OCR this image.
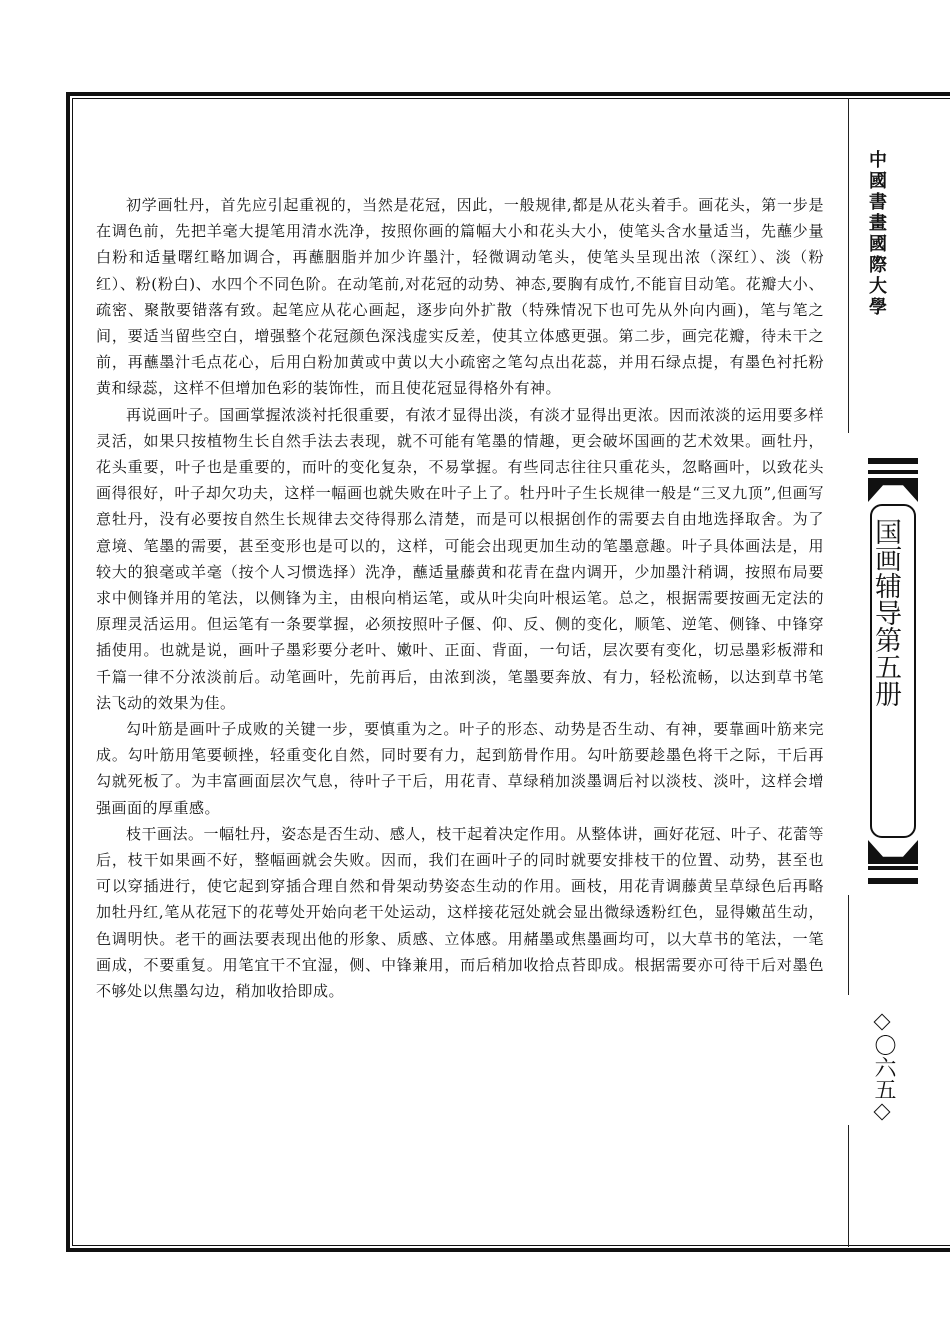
初学画牡丹，首先应引起重视的，当然是花冠，因此，一般规律,都是从花头着手。画花头，第一步是在调色前，先把羊毫大提笔用清水洗净，按照你画的篇幅大小和花头大小，使笔头含水量适当，先蘸少量白粉和适量曙红略加调合，再蘸胭脂并加少许墨汁，轻微调动笔头，使笔头呈现出浓（深红）、淡（粉红）、粉(粉白)、水四个不同色阶。在动笔前,对花冠的动势、神态,要胸有成竹,不能盲目动笔。花瓣大小、疏密、聚散要错落有致。起笔应从花心画起，逐步向外扩散（特殊情况下也可先从外向内画)，笔与笔之间，要适当留些空白，增强整个花冠颜色深浅虚实反差，使其立体感更强。第二步，画完花瓣，待未干之前，再蘸墨汁毛点花心，后用白粉加黄或中黄以大小疏密之笔勾点出花蕊，并用石绿点提，有墨色衬托粉黄和绿蕊，这样不但增加色彩的装饰性，而且使花冠显得格外有神。

再说画叶子。国画掌握浓淡衬托很重要，有浓才显得出淡，有淡才显得出更浓。因而浓淡的运用要多样灵活，如果只按植物生长自然手法去表现，就不可能有笔墨的情趣，更会破坏国画的艺术效果。画牡丹，花头重要，叶子也是重要的，而叶的变化复杂，不易掌握。有些同志往往只重花头，忽略画叶，以致花头画得很好，叶子却欠功夫，这样一幅画也就失败在叶子上了。牡丹叶子生长规律一般是“三叉九顶”,但画写意牡丹，没有必要按自然生长规律去交待得那么清楚，而是可以根据创作的需要去自由地选择取舍。为了意境、笔墨的需要，甚至变形也是可以的，这样，可能会出现更加生动的笔墨意趣。叶子具体画法是，用较大的狼毫或羊毫（按个人习惯选择）洗净，蘸适量藤黄和花青在盘内调开，少加墨汁稍调，按照布局要求中侧锋并用的笔法，以侧锋为主，由根向梢运笔，或从叶尖向叶根运笔。总之，根据需要按画无定法的原理灵活运用。但运笔有一条要掌握，必须按照叶子偃、仰、反、侧的变化，顺笔、逆笔、侧锋、中锋穿插使用。也就是说，画叶子墨彩要分老叶、嫩叶、正面、背面，一句话，层次要有变化，切忌墨彩板滞和千篇一律不分浓淡前后。动笔画叶，先前再后，由浓到淡，笔墨要奔放、有力，轻松流畅，以达到草书笔法飞动的效果为佳。

勾叶筋是画叶子成败的关键一步，要慎重为之。叶子的形态、动势是否生动、有神，要靠画叶筋来完成。勾叶筋用笔要顿挫，轻重变化自然，同时要有力，起到筋骨作用。勾叶筋要趁墨色将干之际，干后再勾就死板了。为丰富画面层次气息，待叶子干后，用花青、草绿稍加淡墨调后衬以淡枝、淡叶，这样会增强画面的厚重感。

枝干画法。一幅牡丹，姿态是否生动、感人，枝干起着决定作用。从整体讲，画好花冠、叶子、花蕾等后，枝干如果画不好，整幅画就会失败。因而，我们在画叶子的同时就要安排枝干的位置、动势，甚至也可以穿插进行，使它起到穿插合理自然和骨架动势姿态生动的作用。画枝，用花青调藤黄呈草绿色后再略加牡丹红,笔从花冠下的花萼处开始向老干处运动，这样接花冠处就会显出微绿透粉红色，显得嫩茁生动，色调明快。老干的画法要表现出他的形象、质感、立体感。用赭墨或焦墨画均可，以大草书的笔法，一笔画成，不要重复。用笔宜干不宜湿，侧、中锋兼用，而后稍加收拾点苔即成。根据需要亦可待干后对墨色不够处以焦墨勾边，稍加收拾即成。

中國書畫國際大學
国画辅导第五册
〇六五
